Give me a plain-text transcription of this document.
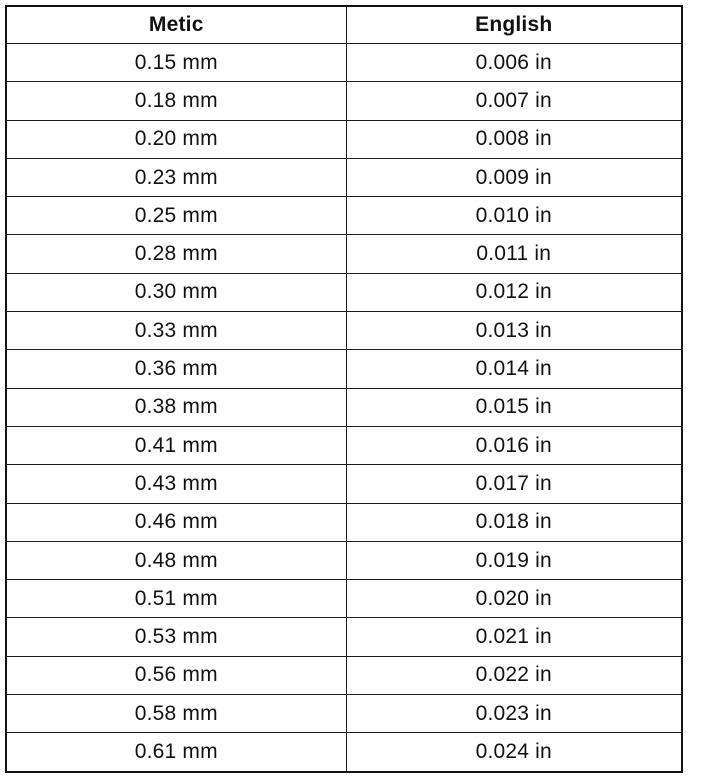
Metic	English
0.15 mm	0.006 in
0.18 mm	0.007 in
0.20 mm	0.008 in
0.23 mm	0.009 in
0.25 mm	0.010 in
0.28 mm	0.011 in
0.30 mm	0.012 in
0.33 mm	0.013 in
0.36 mm	0.014 in
0.38 mm	0.015 in
0.41 mm	0.016 in
0.43 mm	0.017 in
0.46 mm	0.018 in
0.48 mm	0.019 in
0.51 mm	0.020 in
0.53 mm	0.021 in
0.56 mm	0.022 in
0.58 mm	0.023 in
0.61 mm	0.024 in
